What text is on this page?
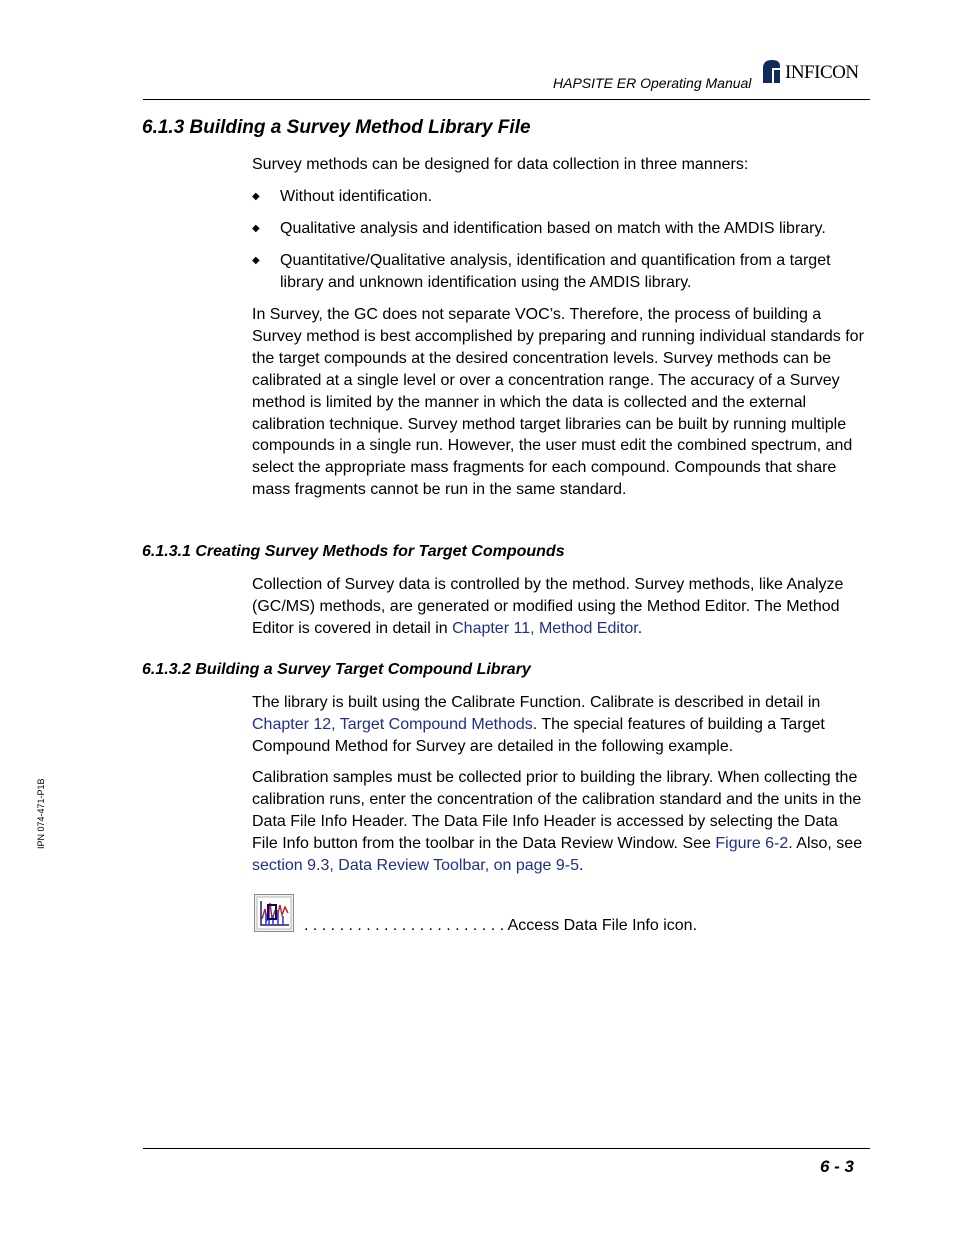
HAPSITE ER Operating Manual INFICON
IPN 074-471-P1B
6.1.3 Building a Survey Method Library File

Survey methods can be designed for data collection in three manners:

◆ Without identification.
◆ Qualitative analysis and identification based on match with the AMDIS library.
◆ Quantitative/Qualitative analysis, identification and quantification from a target library and unknown identification using the AMDIS library.

In Survey, the GC does not separate VOC’s. Therefore, the process of building a Survey method is best accomplished by preparing and running individual standards for the target compounds at the desired concentration levels. Survey methods can be calibrated at a single level or over a concentration range. The accuracy of a Survey method is limited by the manner in which the data is collected and the external calibration technique. Survey method target libraries can be built by running multiple compounds in a single run. However, the user must edit the combined spectrum, and select the appropriate mass fragments for each compound. Compounds that share mass fragments cannot be run in the same standard.

6.1.3.1 Creating Survey Methods for Target Compounds

Collection of Survey data is controlled by the method. Survey methods, like Analyze (GC/MS) methods, are generated or modified using the Method Editor. The Method Editor is covered in detail in Chapter 11, Method Editor.

6.1.3.2 Building a Survey Target Compound Library

The library is built using the Calibrate Function. Calibrate is described in detail in Chapter 12, Target Compound Methods. The special features of building a Target Compound Method for Survey are detailed in the following example.

Calibration samples must be collected prior to building the library. When collecting the calibration runs, enter the concentration of the calibration standard and the units in the Data File Info Header. The Data File Info Header is accessed by selecting the Data File Info button from the toolbar in the Data Review Window. See Figure 6-2. Also, see section 9.3, Data Review Toolbar, on page 9-5.

. . . . . . . . . . . . . . . . . . . . . . . Access Data File Info icon.
6 - 3
